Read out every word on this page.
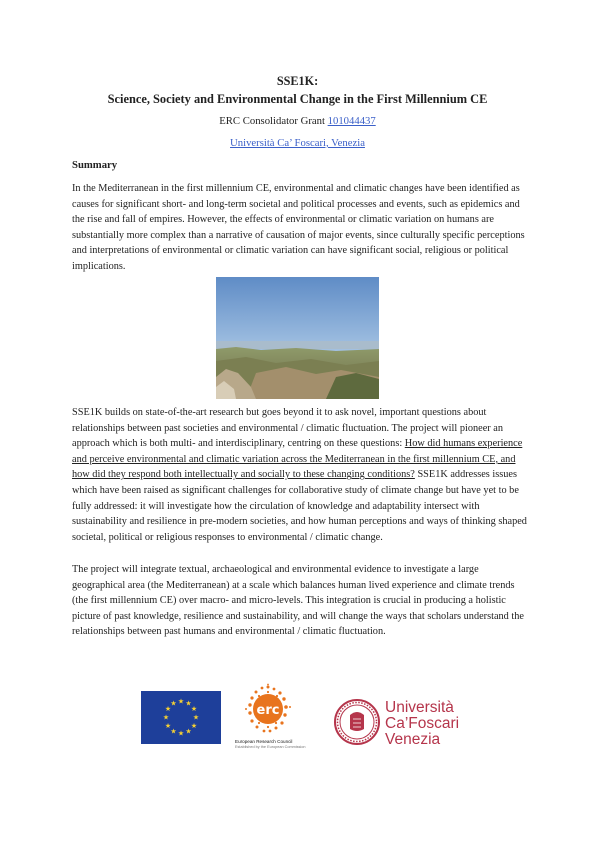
SSE1K:
Science, Society and Environmental Change in the First Millennium CE
ERC Consolidator Grant 101044437
Università Ca’ Foscari, Venezia
Summary

In the Mediterranean in the first millennium CE, environmental and climatic changes have been identified as causes for significant short- and long-term societal and political processes and events, such as epidemics and the rise and fall of empires. However, the effects of environmental or climatic variation on humans are substantially more complex than a narrative of causation of major events, since culturally specific perceptions and interpretations of environmental or climatic variation can have significant social, religious or political implications.

SSE1K builds on state-of-the-art research but goes beyond it to ask novel, important questions about relationships between past societies and environmental / climatic fluctuation. The project will pioneer an approach which is both multi- and interdisciplinary, centring on these questions: How did humans experience and perceive environmental and climatic variation across the Mediterranean in the first millennium CE, and how did they respond both intellectually and socially to these changing conditions? SSE1K addresses issues which have been raised as significant challenges for collaborative study of climate change but have yet to be fully addressed: it will investigate how the circulation of knowledge and adaptability intersect with sustainability and resilience in pre-modern societies, and how human perceptions and ways of thinking shaped societal, political or religious responses to environmental / climatic change.

The project will integrate textual, archaeological and environmental evidence to investigate a large geographical area (the Mediterranean) at a scale which balances human lived experience and climate trends (the first millennium CE) over macro- and micro-levels. This integration is crucial in producing a holistic picture of past knowledge, resilience and sustainability, and will change the ways that scholars understand the relationships between past humans and environmental / climatic fluctuation.

★ ★
★
★
★
★
★
★
★
★
★
★	erc
European Research Council
Established by the European Commission
Università
Ca’Foscari
Venezia
